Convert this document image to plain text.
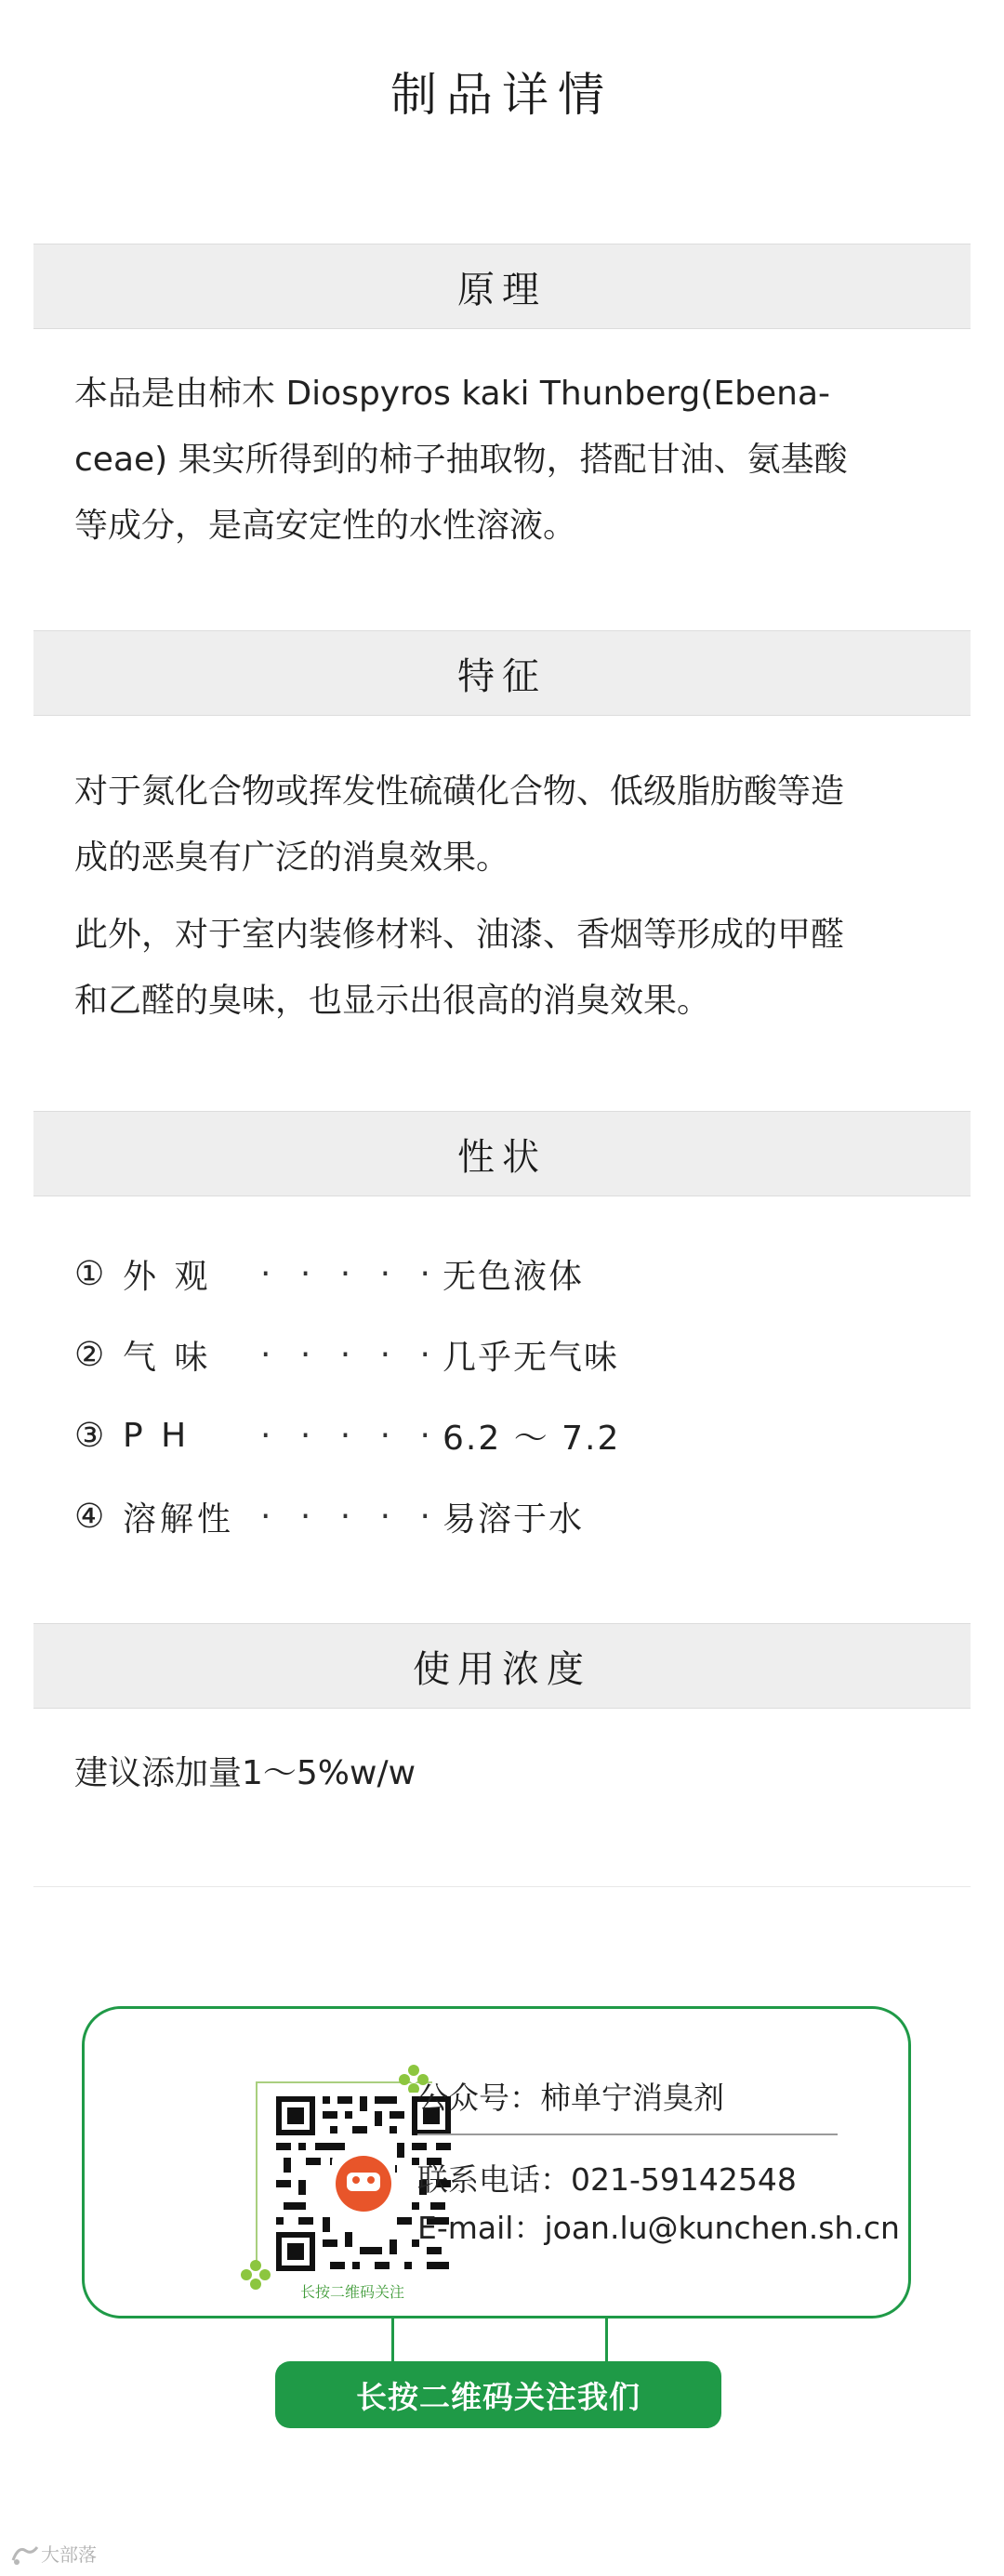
制品详情
原理
本品是由柿木 Diospyros kaki Thunberg(Ebena-
ceae) 果实所得到的柿子抽取物，搭配甘油、氨基酸
等成分，是高安定性的水性溶液。
特征
对于氮化合物或挥发性硫磺化合物、低级脂肪酸等造
成的恶臭有广泛的消臭效果。
此外，对于室内装修材料、油漆、香烟等形成的甲醛
和乙醛的臭味，也显示出很高的消臭效果。
性状
① 外 观	· · · · · 无色液体
② 气 味	· · · · · 几乎无气味
③ P H	· · · · · 6.2 ～ 7.2
④ 溶解性 · · · · · 易溶于水
使用浓度
建议添加量1～5%w/w
长按二维码关注
公众号：柿单宁消臭剂
联系电话：021-59142548
E-mail：joan.lu@kunchen.sh.cn
长按二维码关注我们
大部落
